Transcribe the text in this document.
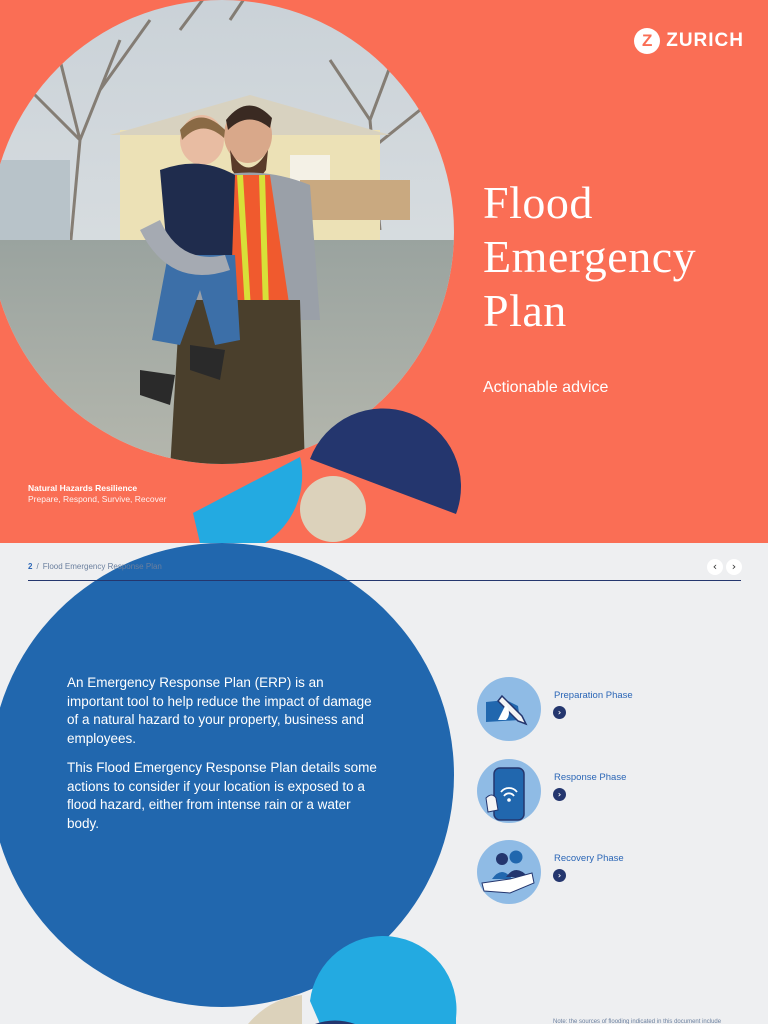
Z ZURICH
Flood
Emergency
Plan
Actionable advice
Natural Hazards Resilience
Prepare, Respond, Survive, Recover
2 / Flood Emergency Response Plan	‹	›

An Emergency Response Plan (ERP) is an important tool to help reduce the impact of damage of a natural hazard to your property, business and employees.

This Flood Emergency Response Plan details some actions to consider if your location is exposed to a flood hazard, either from intense rain or a water body.

Preparation Phase
›
Response Phase
›
Recovery Phase
›
Note: the sources of flooding indicated in this document include
